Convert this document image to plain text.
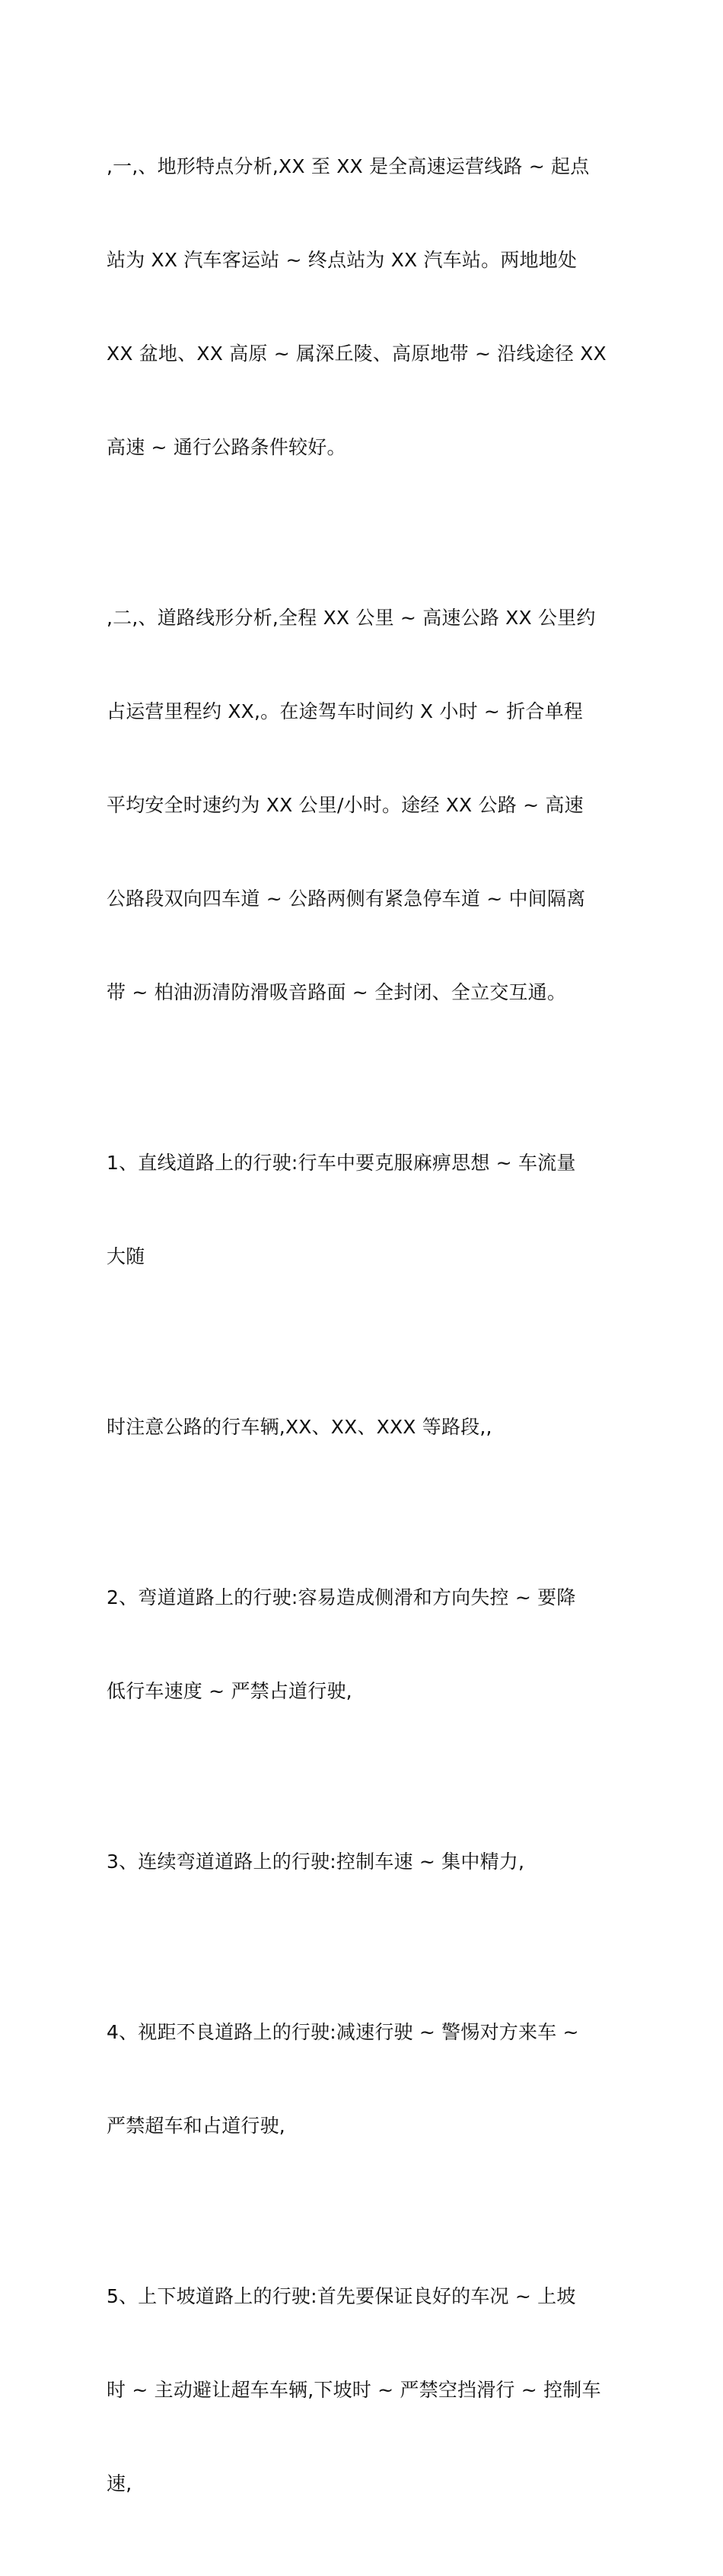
,一,、地形特点分析,XX 至 XX 是全高速运营线路 ~ 起点

站为 XX 汽车客运站 ~ 终点站为 XX 汽车站。两地地处

XX 盆地、XX 高原 ~ 属深丘陵、高原地带 ~ 沿线途径 XX

高速 ~ 通行公路条件较好。

,二,、道路线形分析,全程 XX 公里 ~ 高速公路 XX 公里约

占运营里程约 XX,。在途驾车时间约 X 小时 ~ 折合单程

平均安全时速约为 XX 公里/小时。途经 XX 公路 ~ 高速

公路段双向四车道 ~ 公路两侧有紧急停车道 ~ 中间隔离

带 ~ 柏油沥清防滑吸音路面 ~ 全封闭、全立交互通。

1、直线道路上的行驶:行车中要克服麻痹思想 ~ 车流量

大随

时注意公路的行车辆,XX、XX、XXX 等路段,,

2、弯道道路上的行驶:容易造成侧滑和方向失控 ~ 要降

低行车速度 ~ 严禁占道行驶,

3、连续弯道道路上的行驶:控制车速 ~ 集中精力,

4、视距不良道路上的行驶:减速行驶 ~ 警惕对方来车 ~

严禁超车和占道行驶,

5、上下坡道路上的行驶:首先要保证良好的车况 ~ 上坡

时 ~ 主动避让超车车辆,下坡时 ~ 严禁空挡滑行 ~ 控制车

速,
